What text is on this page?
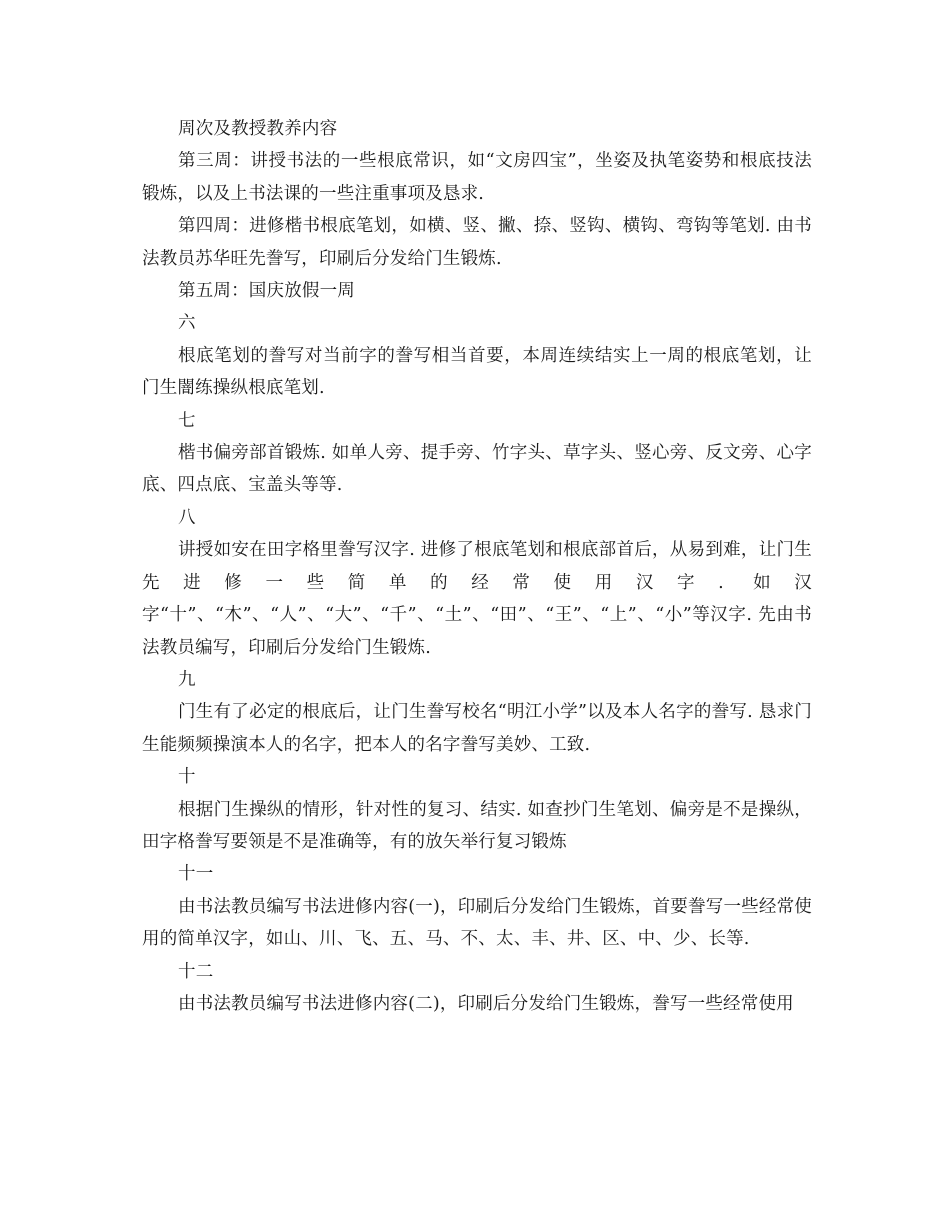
周次及教授教养内容

第三周：讲授书法的一些根底常识，如“文房四宝”，坐姿及执笔姿势和根底技法锻炼，以及上书法课的一些注重事项及恳求.

第四周：进修楷书根底笔划，如横、竖、撇、捺、竖钩、横钩、弯钩等笔划. 由书法教员苏华旺先誊写，印刷后分发给门生锻炼.

第五周：国庆放假一周

六

根底笔划的誊写对当前字的誊写相当首要，本周连续结实上一周的根底笔划，让门生闇练操纵根底笔划.

七

楷书偏旁部首锻炼. 如单人旁、提手旁、竹字头、草字头、竖心旁、反文旁、心字底、四点底、宝盖头等等.

八

讲授如安在田字格里誊写汉字. 进修了根底笔划和根底部首后，从易到难，让门生先进修一些简单的经常使用汉字. 如汉字“十”、“木”、“人”、“大”、“千”、“土”、“田”、“王”、“上”、“小”等汉字. 先由书法教员编写，印刷后分发给门生锻炼.

九

门生有了必定的根底后，让门生誊写校名“明江小学”以及本人名字的誊写. 恳求门生能频频操演本人的名字，把本人的名字誊写美妙、工致.

十

根据门生操纵的情形，针对性的复习、结实. 如查抄门生笔划、偏旁是不是操纵，田字格誊写要领是不是准确等，有的放矢举行复习锻炼

十一

由书法教员编写书法进修内容(一)，印刷后分发给门生锻炼，首要誊写一些经常使用的简单汉字，如山、川、飞、五、马、不、太、丰、井、区、中、少、长等.

十二

由书法教员编写书法进修内容(二)，印刷后分发给门生锻炼，誊写一些经常使用
